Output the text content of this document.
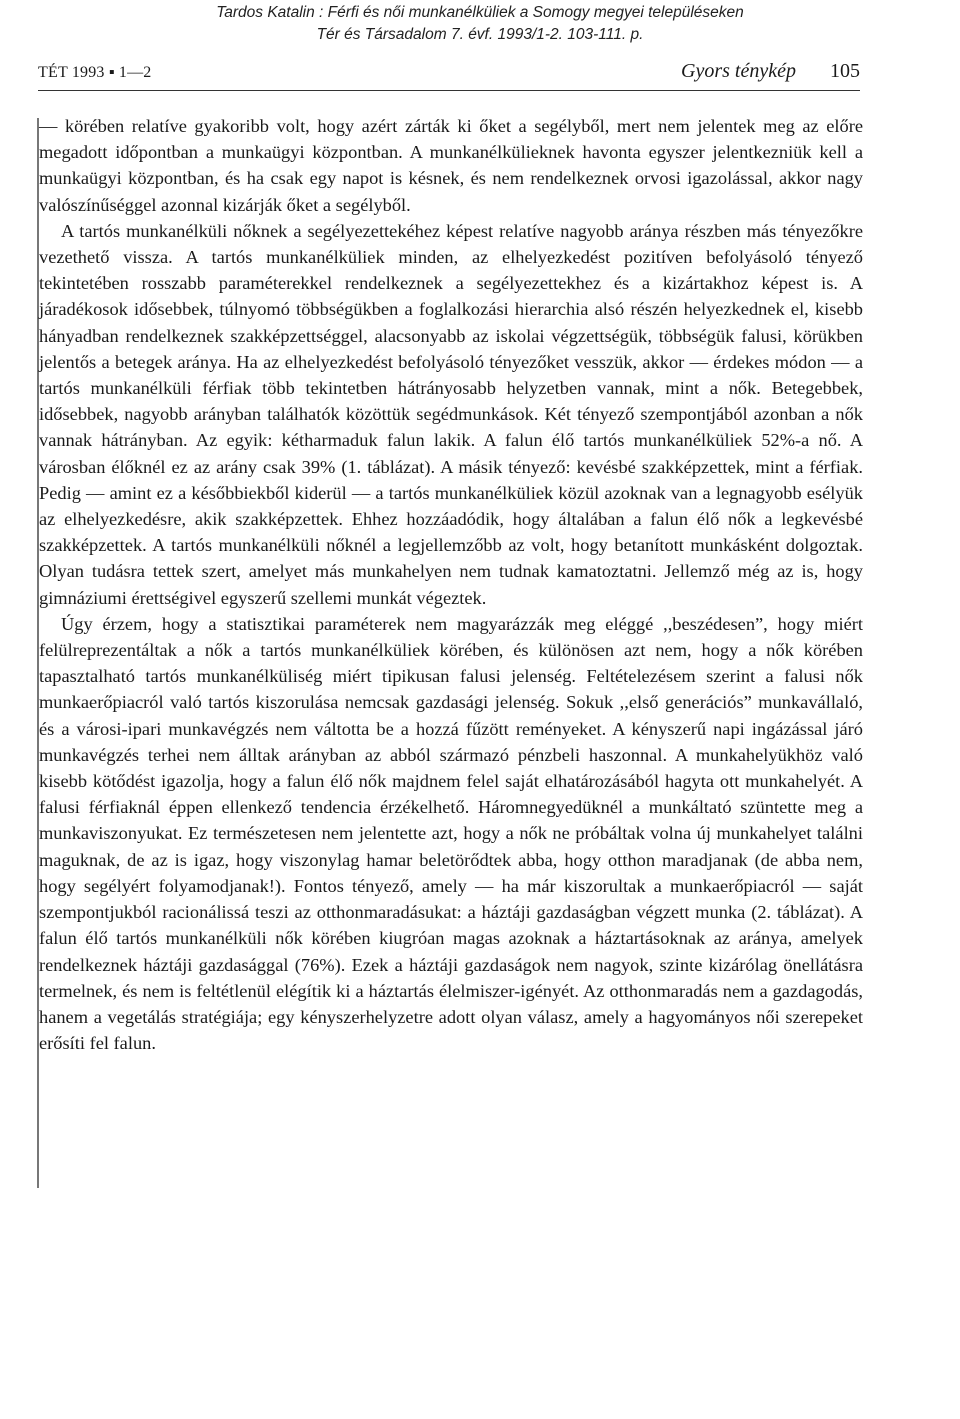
Tardos Katalin : Férfi és női munkanélküliek a Somogy megyei településeken
Tér és Társadalom 7. évf. 1993/1-2. 103-111. p.
TÉT 1993 ▪ 1—2	Gyors ténykép 105

— körében relatíve gyakoribb volt, hogy azért zárták ki őket a segélyből, mert nem jelentek meg az előre megadott időpontban a munkaügyi központban. A munkanélkülieknek havonta egyszer jelentkezniük kell a munkaügyi központban, és ha csak egy napot is késnek, és nem rendelkeznek orvosi igazolással, akkor nagy valószínűséggel azonnal kizárják őket a segélyből.

A tartós munkanélküli nőknek a segélyezettekéhez képest relatíve nagyobb aránya részben más tényezőkre vezethető vissza. A tartós munkanélküliek minden, az elhelyezkedést pozitíven befolyásoló tényező tekintetében rosszabb paraméterekkel rendelkeznek a segélyezettekhez és a kizártakhoz képest is. A járadékosok idősebbek, túlnyomó többségükben a foglalkozási hierarchia alsó részén helyezkednek el, kisebb hányadban rendelkeznek szakképzettséggel, alacsonyabb az iskolai végzettségük, többségük falusi, körükben jelentős a betegek aránya. Ha az elhelyezkedést befolyásoló tényezőket vesszük, akkor — érdekes módon — a tartós munkanélküli férfiak több tekintetben hátrányosabb helyzetben vannak, mint a nők. Betegebbek, idősebbek, nagyobb arányban találhatók közöttük segédmunkások. Két tényező szempontjából azonban a nők vannak hátrányban. Az egyik: kétharmaduk falun lakik. A falun élő tartós munkanélküliek 52%-a nő. A városban élőknél ez az arány csak 39% (1. táblázat). A másik tényező: kevésbé szakképzettek, mint a férfiak. Pedig — amint ez a későbbiekből kiderül — a tartós munkanélküliek közül azoknak van a legnagyobb esélyük az elhelyezkedésre, akik szakképzettek. Ehhez hozzáadódik, hogy általában a falun élő nők a legkevésbé szakképzettek. A tartós munkanélküli nőknél a legjellemzőbb az volt, hogy betanított munkásként dolgoztak. Olyan tudásra tettek szert, amelyet más munkahelyen nem tudnak kamatoztatni. Jellemző még az is, hogy gimnáziumi érettségivel egyszerű szellemi munkát végeztek.

Úgy érzem, hogy a statisztikai paraméterek nem magyarázzák meg eléggé ,,beszédesen”, hogy miért felülreprezentáltak a nők a tartós munkanélküliek körében, és különösen azt nem, hogy a nők körében tapasztalható tartós munkanélküliség miért tipikusan falusi jelenség. Feltételezésem szerint a falusi nők munkaerőpiacról való tartós kiszorulása nemcsak gazdasági jelenség. Sokuk ,,első generációs” munkavállaló, és a városi-ipari munkavégzés nem váltotta be a hozzá fűzött reményeket. A kényszerű napi ingázással járó munkavégzés terhei nem álltak arányban az abból származó pénzbeli haszonnal. A munkahelyükhöz való kisebb kötődést igazolja, hogy a falun élő nők majdnem felel saját elhatározásából hagyta ott munkahelyét. A falusi férfiaknál éppen ellenkező tendencia érzékelhető. Háromnegyedüknél a munkáltató szüntette meg a munkaviszonyukat. Ez természetesen nem jelentette azt, hogy a nők ne próbáltak volna új munkahelyet találni maguknak, de az is igaz, hogy viszonylag hamar beletörődtek abba, hogy otthon maradjanak (de abba nem, hogy segélyért folyamodjanak!). Fontos tényező, amely — ha már kiszorultak a munkaerőpiacról — saját szempontjukból racionálissá teszi az otthonmaradásukat: a háztáji gazdaságban végzett munka (2. táblázat). A falun élő tartós munkanélküli nők körében kiugróan magas azoknak a háztartásoknak az aránya, amelyek rendelkeznek háztáji gazdasággal (76%). Ezek a háztáji gazdaságok nem nagyok, szinte kizárólag önellátásra termelnek, és nem is feltétlenül elégítik ki a háztartás élelmiszer-igényét. Az otthonmaradás nem a gazdagodás, hanem a vegetálás stratégiája; egy kényszerhelyzetre adott olyan válasz, amely a hagyományos női szerepeket erősíti fel falun.
